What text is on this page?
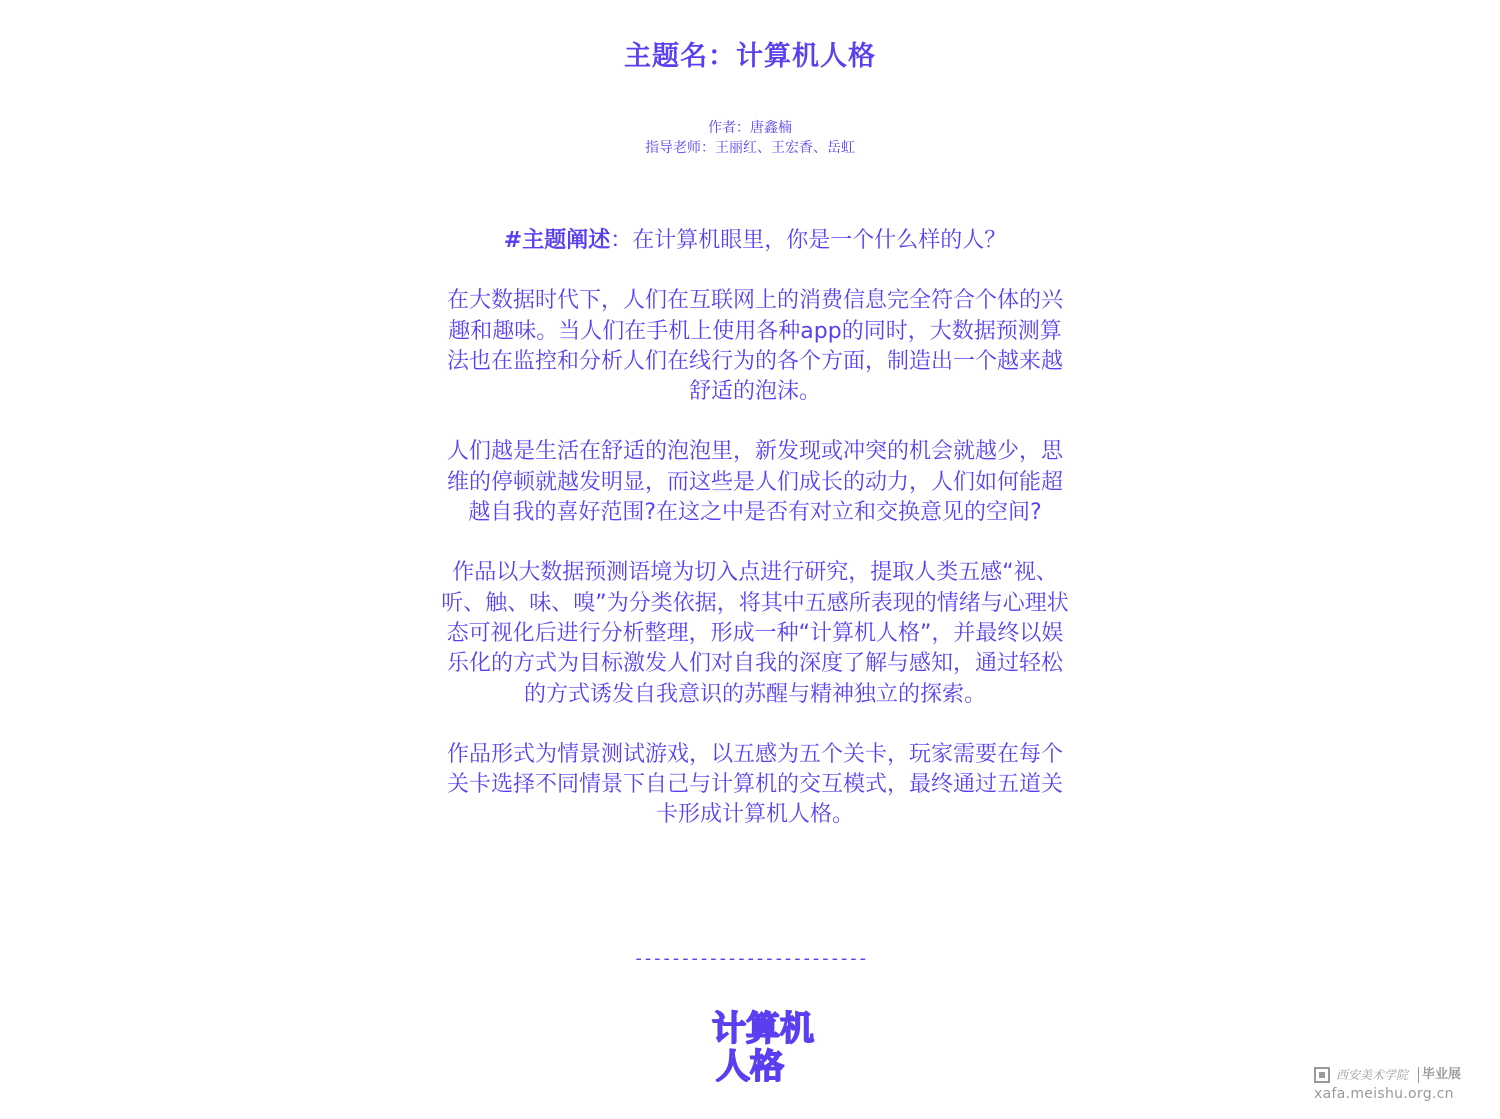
主题名：计算机人格
作者：唐鑫楠
指导老师：王丽红、王宏香、岳虹

#主题阐述：在计算机眼里，你是一个什么样的人？

在大数据时代下，人们在互联网上的消费信息完全符合个体的兴趣和趣味。当人们在手机上使用各种app的同时，大数据预测算法也在监控和分析人们在线行为的各个方面，制造出一个越来越舒适的泡沫。

人们越是生活在舒适的泡泡里，新发现或冲突的机会就越少，思维的停顿就越发明显，而这些是人们成长的动力，人们如何能超越自我的喜好范围?在这之中是否有对立和交换意见的空间?

作品以大数据预测语境为切入点进行研究，提取人类五感“视、听、触、味、嗅”为分类依据，将其中五感所表现的情绪与心理状态可视化后进行分析整理，形成一种“计算机人格”，并最终以娱乐化的方式为目标激发人们对自我的深度了解与感知，通过轻松的方式诱发自我意识的苏醒与精神独立的探索。

作品形式为情景测试游戏，以五感为五个关卡，玩家需要在每个关卡选择不同情景下自己与计算机的交互模式，最终通过五道关卡形成计算机人格。

-------------------------
计算机
人格	西安美术学院 毕业展
xafa.meishu.org.cn
